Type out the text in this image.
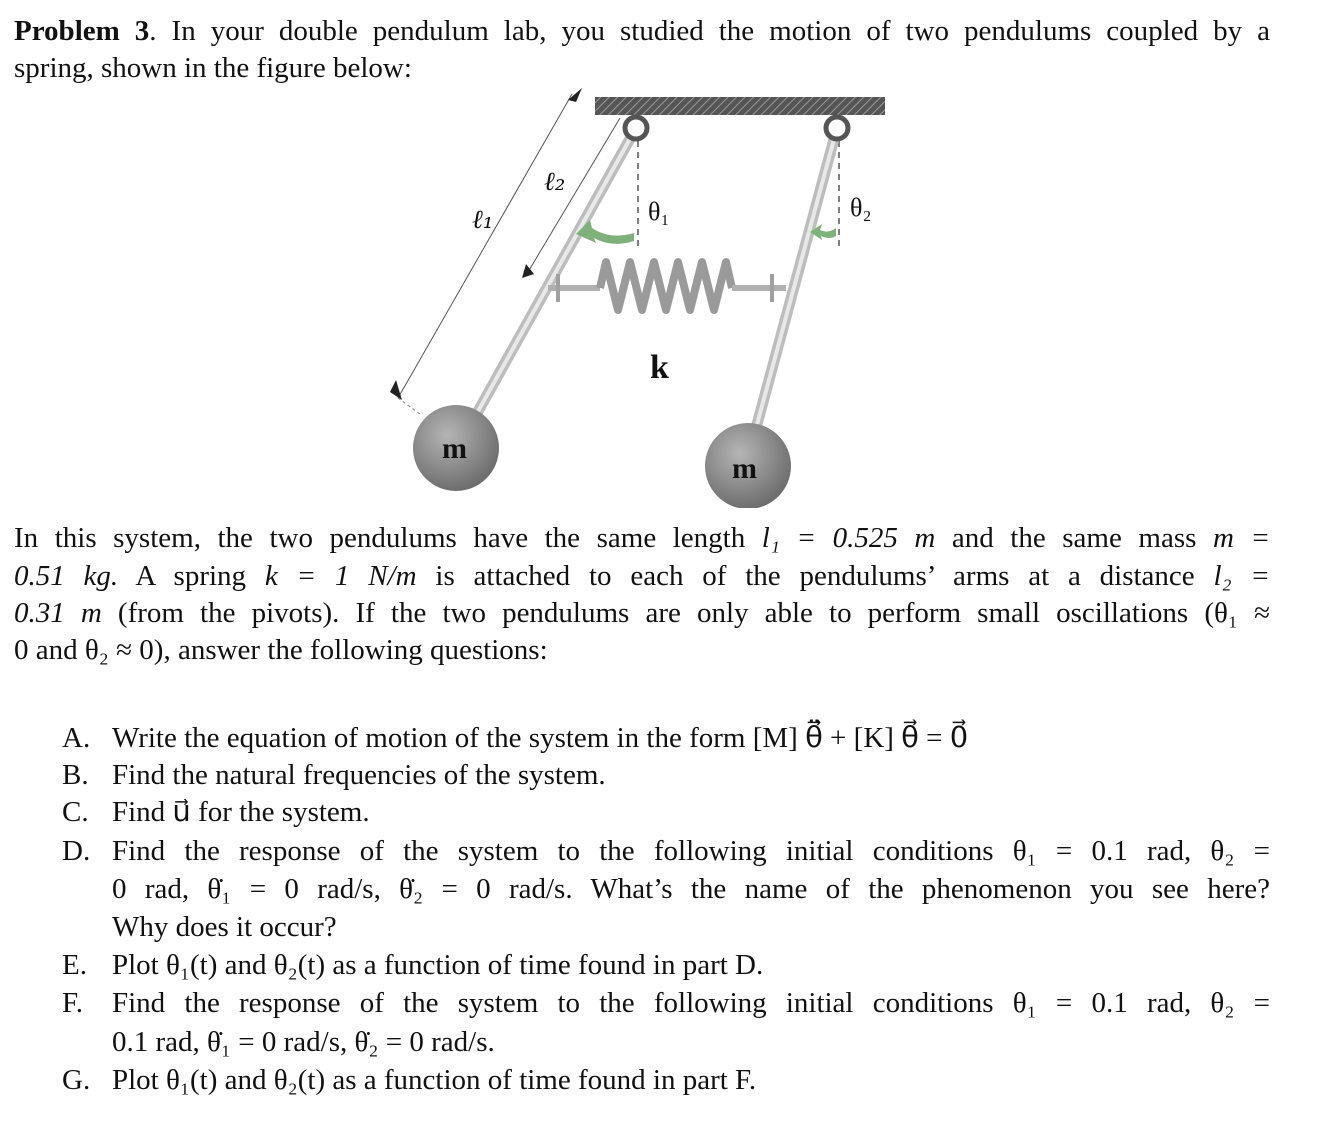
Problem 3. In your double pendulum lab, you studied the motion of two pendulums coupled by a
spring, shown in the figure below:
ℓ₁
ℓ₂
θ₁	θ₂
k
m
m
In this system, the two pendulums have the same length l₁ = 0.525 m and the same mass m =
0.51 kg. A spring k = 1 N/m is attached to each of the pendulums’ arms at a distance l₂ =
0.31 m (from the pivots). If the two pendulums are only able to perform small oscillations (θ₁ ≈
0 and θ₂ ≈ 0), answer the following questions:
A. Write the equation of motion of the system in the form [M] θ⃗̈ + [K] θ⃗ = 0⃗
B. Find the natural frequencies of the system.
C. Find u⃗ for the system.
D. Find the response of the system to the following initial conditions θ₁ = 0.1 rad, θ₂ =
0 rad, θ̇₁ = 0 rad/s, θ̇₂ = 0 rad/s. What’s the name of the phenomenon you see here?
Why does it occur?
E. Plot θ₁(t) and θ₂(t) as a function of time found in part D.
F. Find the response of the system to the following initial conditions θ₁ = 0.1 rad, θ₂ =
0.1 rad, θ̇₁ = 0 rad/s, θ̇₂ = 0 rad/s.
G. Plot θ₁(t) and θ₂(t) as a function of time found in part F.
